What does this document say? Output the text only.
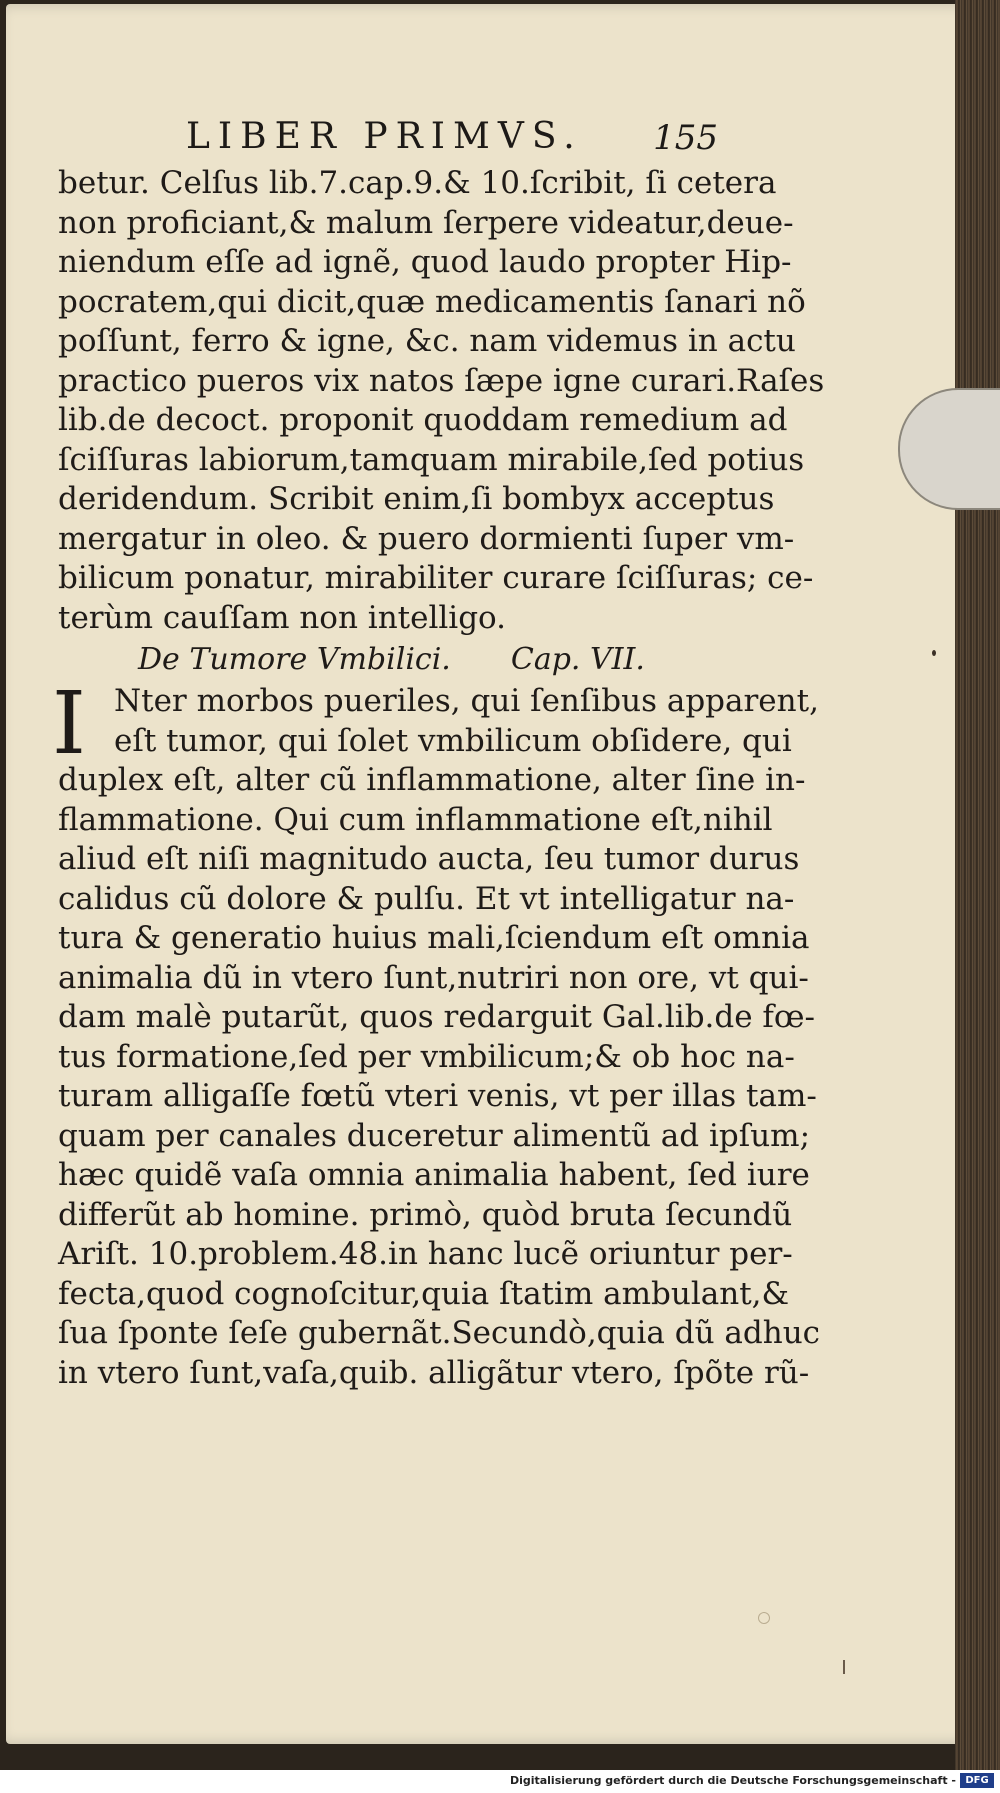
LIBER PRIMVS. 155
betur. Celſus lib.7.cap.9.& 10.ſcribit, ſi cetera
non proficiant,& malum ſerpere videatur,deue-
niendum eſſe ad ignẽ, quod laudo propter Hip-
pocratem,qui dicit,quæ medicamentis ſanari nõ
poſſunt, ferro & igne, &c. nam videmus in actu
practico pueros vix natos ſæpe igne curari.Raſes
lib.de decoct. proponit quoddam remedium ad
ſciſſuras labiorum,tamquam mirabile,ſed potius
deridendum. Scribit enim,ſi bombyx acceptus
mergatur in oleo. & puero dormienti ſuper vm-
bilicum ponatur, mirabiliter curare ſciſſuras; ce-
terùm cauſſam non intelligo.
De Tumore Vmbilici. Cap. VII.
I Nter morbos pueriles, qui ſenſibus apparent,
eſt tumor, qui ſolet vmbilicum obſidere, qui
duplex eſt, alter cũ inflammatione, alter ſine in-
flammatione. Qui cum inflammatione eſt,nihil
aliud eſt niſi magnitudo aucta, ſeu tumor durus
calidus cũ dolore & pulſu. Et vt intelligatur na-
tura & generatio huius mali,ſciendum eſt omnia
animalia dũ in vtero ſunt,nutriri non ore, vt qui-
dam malè putarũt, quos redarguit Gal.lib.de fœ-
tus formatione,ſed per vmbilicum;& ob hoc na-
turam alligaſſe fœtũ vteri venis, vt per illas tam-
quam per canales duceretur alimentũ ad ipſum;
hæc quidẽ vaſa omnia animalia habent, ſed iure
differũt ab homine. primò, quòd bruta ſecundũ
Ariſt. 10.problem.48.in hanc lucẽ oriuntur per-
fecta,quod cognoſcitur,quia ſtatim ambulant,&
ſua ſponte ſeſe gubernãt.Secundò,quia dũ adhuc
in vtero ſunt,vaſa,quib. alligãtur vtero, ſpõte rũ-
Digitalisierung gefördert durch die Deutsche Forschungsgemeinschaft - DFG
